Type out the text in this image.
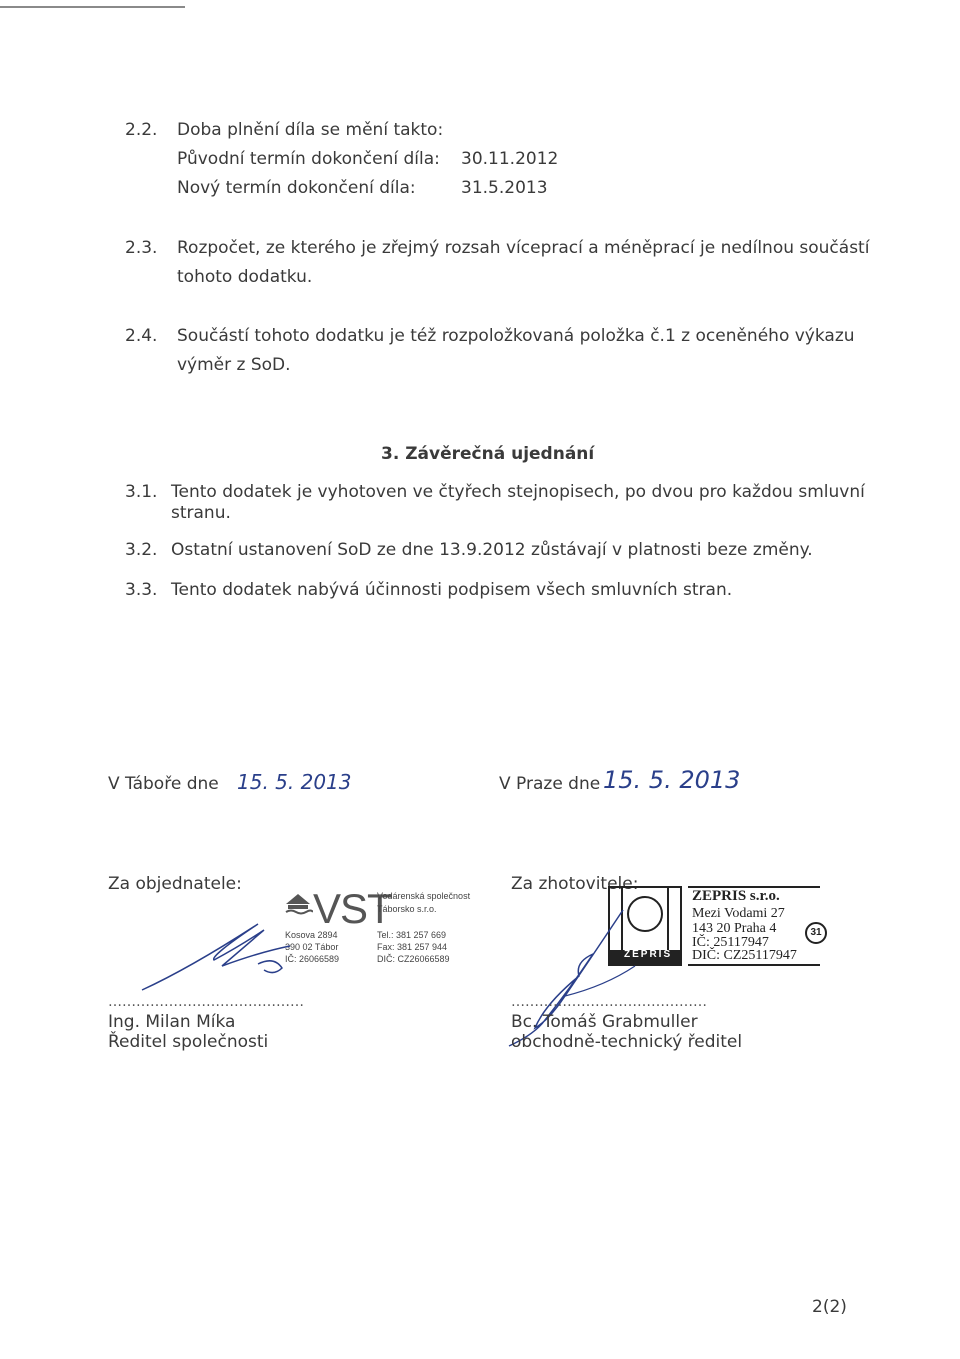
2.2. Doba plnění díla se mění takto:
Původní termín dokončení díla: 30.11.2012
Nový termín dokončení díla:	31.5.2013
2.3. Rozpočet, ze kterého je zřejmý rozsah víceprací a méněprací je nedílnou součástí
tohoto dodatku.
2.4. Součástí tohoto dodatku je též rozpoložkovaná položka č.1 z oceněného výkazu
výměr z SoD.
3. Závěrečná ujednání
3.1. Tento dodatek je vyhotoven ve čtyřech stejnopisech, po dvou pro každou smluvní
stranu.
3.2. Ostatní ustanovení SoD ze dne 13.9.2012 zůstávají v platnosti beze změny.
3.3. Tento dodatek nabývá účinnosti podpisem všech smluvních stran.
V Táboře dne 15. 5. 2013	V Praze dne 15. 5. 2013
Za objednatele:	Za zhotovitele:
VST
Vodárenská společnost
Táborsko s.r.o.
Kosova 2894
390 02 Tábor
IČ: 26066589
Tel.: 381 257 669
Fax: 381 257 944
DIČ: CZ26066589
……………………………………
Ing. Milan Míka
Ředitel společnosti
ZEPRIS
ZEPRIS s.r.o.
Mezi Vodami 27
143 20 Praha 4
IČ: 25117947
DIČ: CZ25117947
31
……………………………………
Bc. Tomáš Grabmuller
obchodně-technický ředitel
2(2)
